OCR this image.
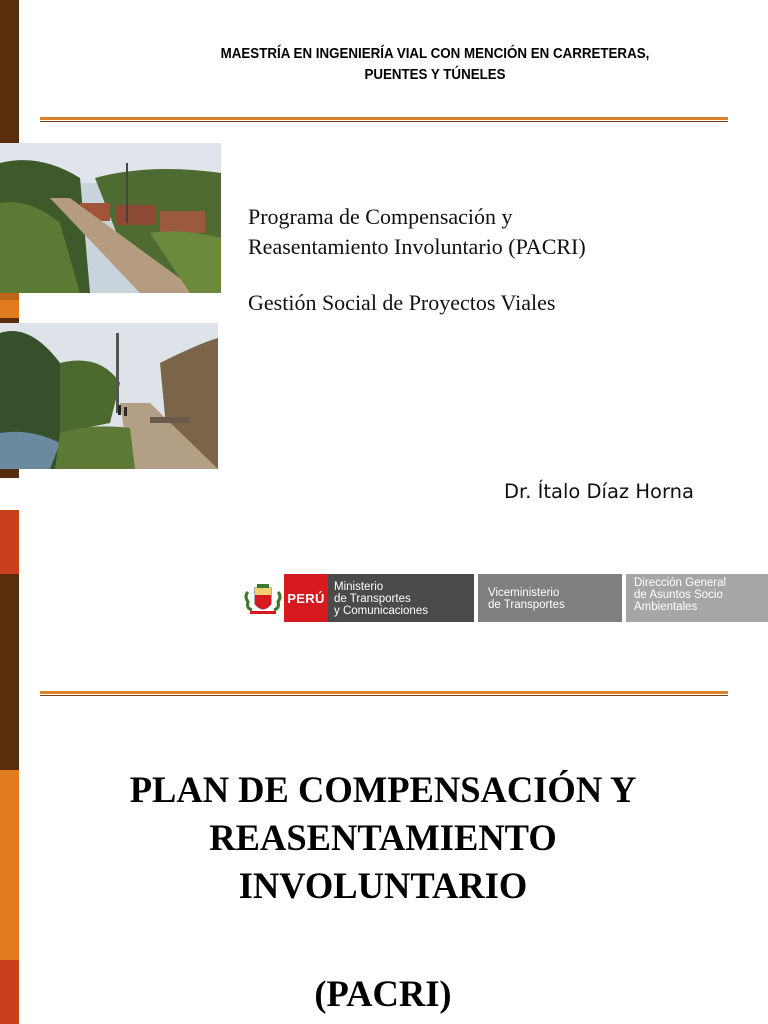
MAESTRÍA EN INGENIERÍA VIAL CON MENCIÓN EN CARRETERAS,
PUENTES Y TÚNELES
Programa de Compensación y
Reasentamiento Involuntario (PACRI)
Gestión Social de Proyectos Viales
Dr. Ítalo Díaz Horna
PERÚ
Ministerio
de Transportes
y Comunicaciones
Viceministerio
de Transportes
Dirección General
de Asuntos Socio
Ambientales
PLAN DE COMPENSACIÓN Y
REASENTAMIENTO
INVOLUNTARIO
(PACRI)
